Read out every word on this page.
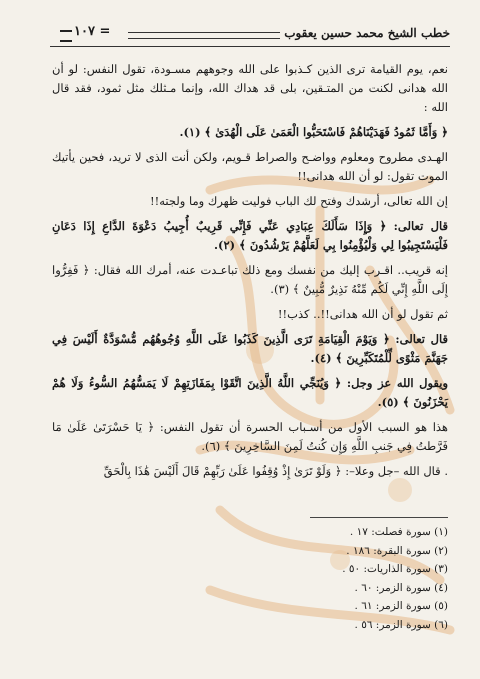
خطب الشيخ محمد حسين يعقوب
١٠٧ =

نعم، يوم القيامة ترى الذين كـذبوا على الله وجوههم مسـودة، تقول النفس: لو أن الله هدانى لكنت من المتـقين، بلى قد هداك الله، وإنما مـثلك مثل ثمود، فقد قال الله :

﴿ وَأَمَّا ثَمُودُ فَهَدَيْنَاهُمْ فَاسْتَحَبُّوا الْعَمَىٰ عَلَى الْهُدَىٰ ﴾ (١).

الهـدى مطروح ومعلوم وواضـح والصراط قـويم، ولكن أنت الذى لا تريد، فحين يأتيك الموت تقول: لو أن الله هدانى!!

إن الله تعالى، أرشدك وفتح لك الباب فوليت ظهرك وما ولجته!!

قال تعالى: ﴿ وَإِذَا سَأَلَكَ عِبَادِي عَنِّي فَإِنِّي قَرِيبٌ أُجِيبُ دَعْوَةَ الدَّاعِ إِذَا دَعَانِ فَلْيَسْتَجِيبُوا لِي وَلْيُؤْمِنُوا بِي لَعَلَّهُمْ يَرْشُدُونَ ﴾ (٢).

إنه قريب.. اقـرب إليك من نفسك ومع ذلك تباعـدت عنه، أمرك الله فقال: ﴿ فَفِرُّوا إِلَى اللَّهِ إِنِّي لَكُم مِّنْهُ نَذِيرٌ مُّبِينٌ ﴾ (٣).

ثم تقول لو أن الله هدانى!!.. كذب!!

قال تعالى: ﴿ وَيَوْمَ الْقِيَامَةِ تَرَى الَّذِينَ كَذَبُوا عَلَى اللَّهِ وُجُوهُهُم مُّسْوَدَّةٌ أَلَيْسَ فِي جَهَنَّمَ مَثْوًى لِّلْمُتَكَبِّرِينَ ﴾ (٤).

ويقول الله عز وجل: ﴿ وَيُنَجِّي اللَّهُ الَّذِينَ اتَّقَوْا بِمَفَازَتِهِمْ لَا يَمَسُّهُمُ السُّوءُ وَلَا هُمْ يَحْزَنُونَ ﴾ (٥).

هذا هو السبب الأول من أسـباب الحسرة أن تقول النفس: ﴿ يَا حَسْرَتَىٰ عَلَىٰ مَا فَرَّطتُ فِي جَنبِ اللَّهِ وَإِن كُنتُ لَمِنَ السَّاخِرِينَ ﴾ (٦).

. قال الله –جل وعلا–: ﴿ وَلَوْ تَرَىٰ إِذْ وُقِفُوا عَلَىٰ رَبِّهِمْ قَالَ أَلَيْسَ هَٰذَا بِالْحَقِّ

(١) سورة فصلت: ١٧ .
(٢) سورة البقرة: ١٨٦ .
(٣) سورة الذاريات: ٥٠ .
(٤) سورة الزمر: ٦٠ .
(٥) سورة الزمر: ٦١ .
(٦) سورة الزمر: ٥٦ .
